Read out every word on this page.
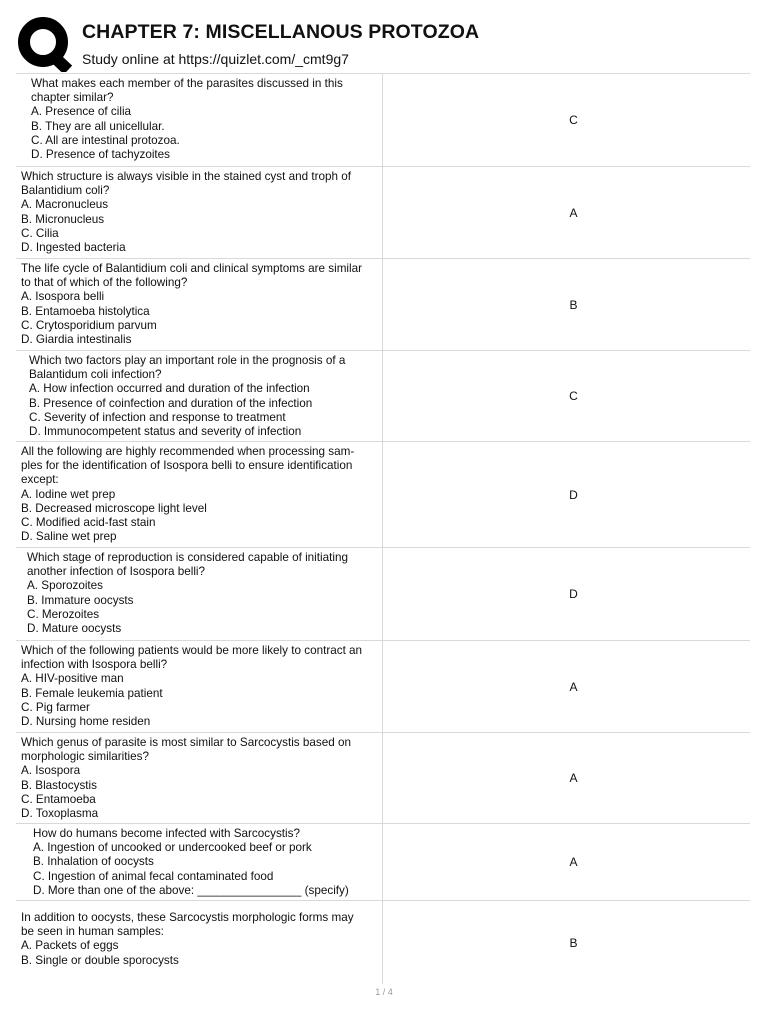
CHAPTER 7: MISCELLANOUS PROTOZOA
Study online at https://quizlet.com/_cmt9g7
What makes each member of the parasites discussed in this
chapter similar?
A. Presence of cilia
B. They are all unicellular.
C. All are intestinal protozoa.
D. Presence of tachyzoites
C
Which structure is always visible in the stained cyst and troph of
Balantidium coli?
A. Macronucleus
B. Micronucleus
C. Cilia
D. Ingested bacteria
A
The life cycle of Balantidium coli and clinical symptoms are similar
to that of which of the following?
A. Isospora belli
B. Entamoeba histolytica
C. Crytosporidium parvum
D. Giardia intestinalis
B
Which two factors play an important role in the prognosis of a
Balantidum coli infection?
A. How infection occurred and duration of the infection
B. Presence of coinfection and duration of the infection
C. Severity of infection and response to treatment
D. Immunocompetent status and severity of infection
C
All the following are highly recommended when processing sam-
ples for the identification of Isospora belli to ensure identification
except:
A. Iodine wet prep
B. Decreased microscope light level
C. Modified acid-fast stain
D. Saline wet prep
D
Which stage of reproduction is considered capable of initiating
another infection of Isospora belli?
A. Sporozoites
B. Immature oocysts
C. Merozoites
D. Mature oocysts
D
Which of the following patients would be more likely to contract an
infection with Isospora belli?
A. HIV-positive man
B. Female leukemia patient
C. Pig farmer
D. Nursing home residen
A
Which genus of parasite is most similar to Sarcocystis based on
morphologic similarities?
A. Isospora
B. Blastocystis
C. Entamoeba
D. Toxoplasma
A
How do humans become infected with Sarcocystis?
A. Ingestion of uncooked or undercooked beef or pork
B. Inhalation of oocysts
C. Ingestion of animal fecal contaminated food
D. More than one of the above: ________________ (specify)
A
In addition to oocysts, these Sarcocystis morphologic forms may
be seen in human samples:
A. Packets of eggs
B. Single or double sporocysts
B
1 / 4
